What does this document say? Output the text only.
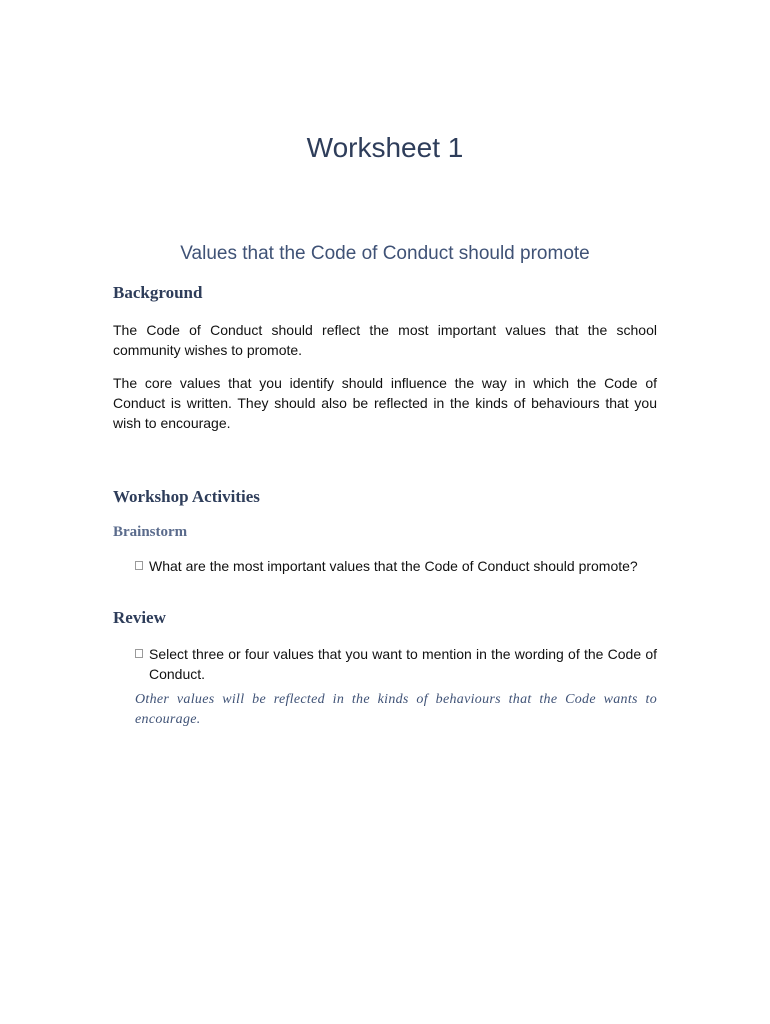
Worksheet 1
Values that the Code of Conduct should promote
Background

The Code of Conduct should reflect the most important values that the school community wishes to promote.

The core values that you identify should influence the way in which the Code of Conduct is written. They should also be reflected in the kinds of behaviours that you wish to encourage.

Workshop Activities
Brainstorm

What are the most important values that the Code of Conduct should promote?

Review

Select three or four values that you want to mention in the wording of the Code of Conduct.

Other values will be reflected in the kinds of behaviours that the Code wants to encourage.
